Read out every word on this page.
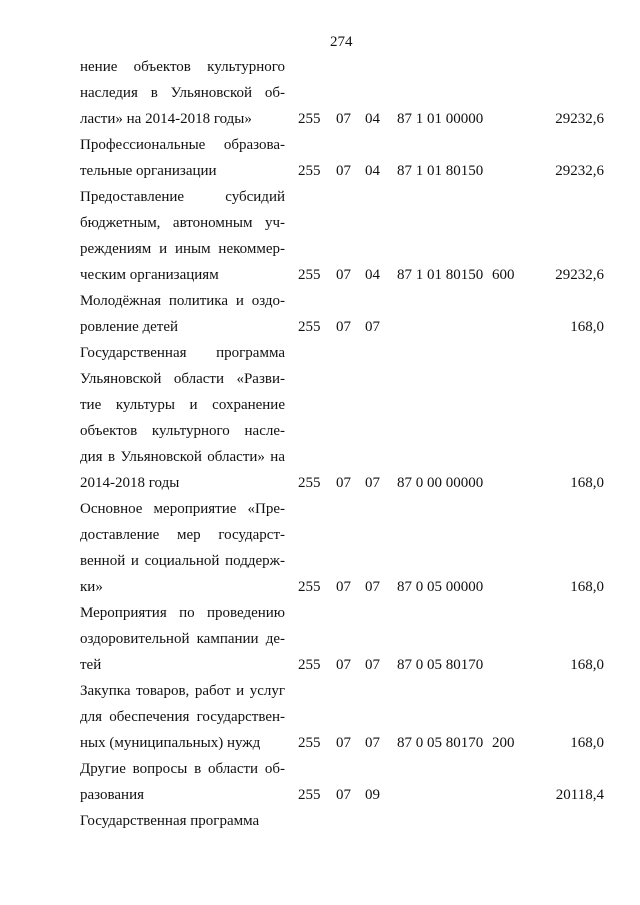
274
нение объектов культурного
наследия в Ульяновской об-
ласти» на 2014-2018 годы»	255 07 04 87 1 01 00000	29232,6
Профессиональные образова-
тельные организации	255 07 04 87 1 01 80150	29232,6
Предоставление субсидий
бюджетным, автономным уч-
реждениям и иным некоммер-
ческим организациям	255 07 04 87 1 01 80150 600	29232,6
Молодёжная политика и оздо-
ровление детей	255 07 07	168,0
Государственная программа
Ульяновской области «Разви-
тие культуры и сохранение
объектов культурного насле-
дия в Ульяновской области» на
2014-2018 годы	255 07 07 87 0 00 00000	168,0
Основное мероприятие «Пре-
доставление мер государст-
венной и социальной поддерж-
ки»	255 07 07 87 0 05 00000	168,0
Мероприятия по проведению
оздоровительной кампании де-
тей	255 07 07 87 0 05 80170	168,0
Закупка товаров, работ и услуг
для обеспечения государствен-
ных (муниципальных) нужд	255 07 07 87 0 05 80170 200	168,0
Другие вопросы в области об-
разования	255 07 09	20118,4
Государственная программа
